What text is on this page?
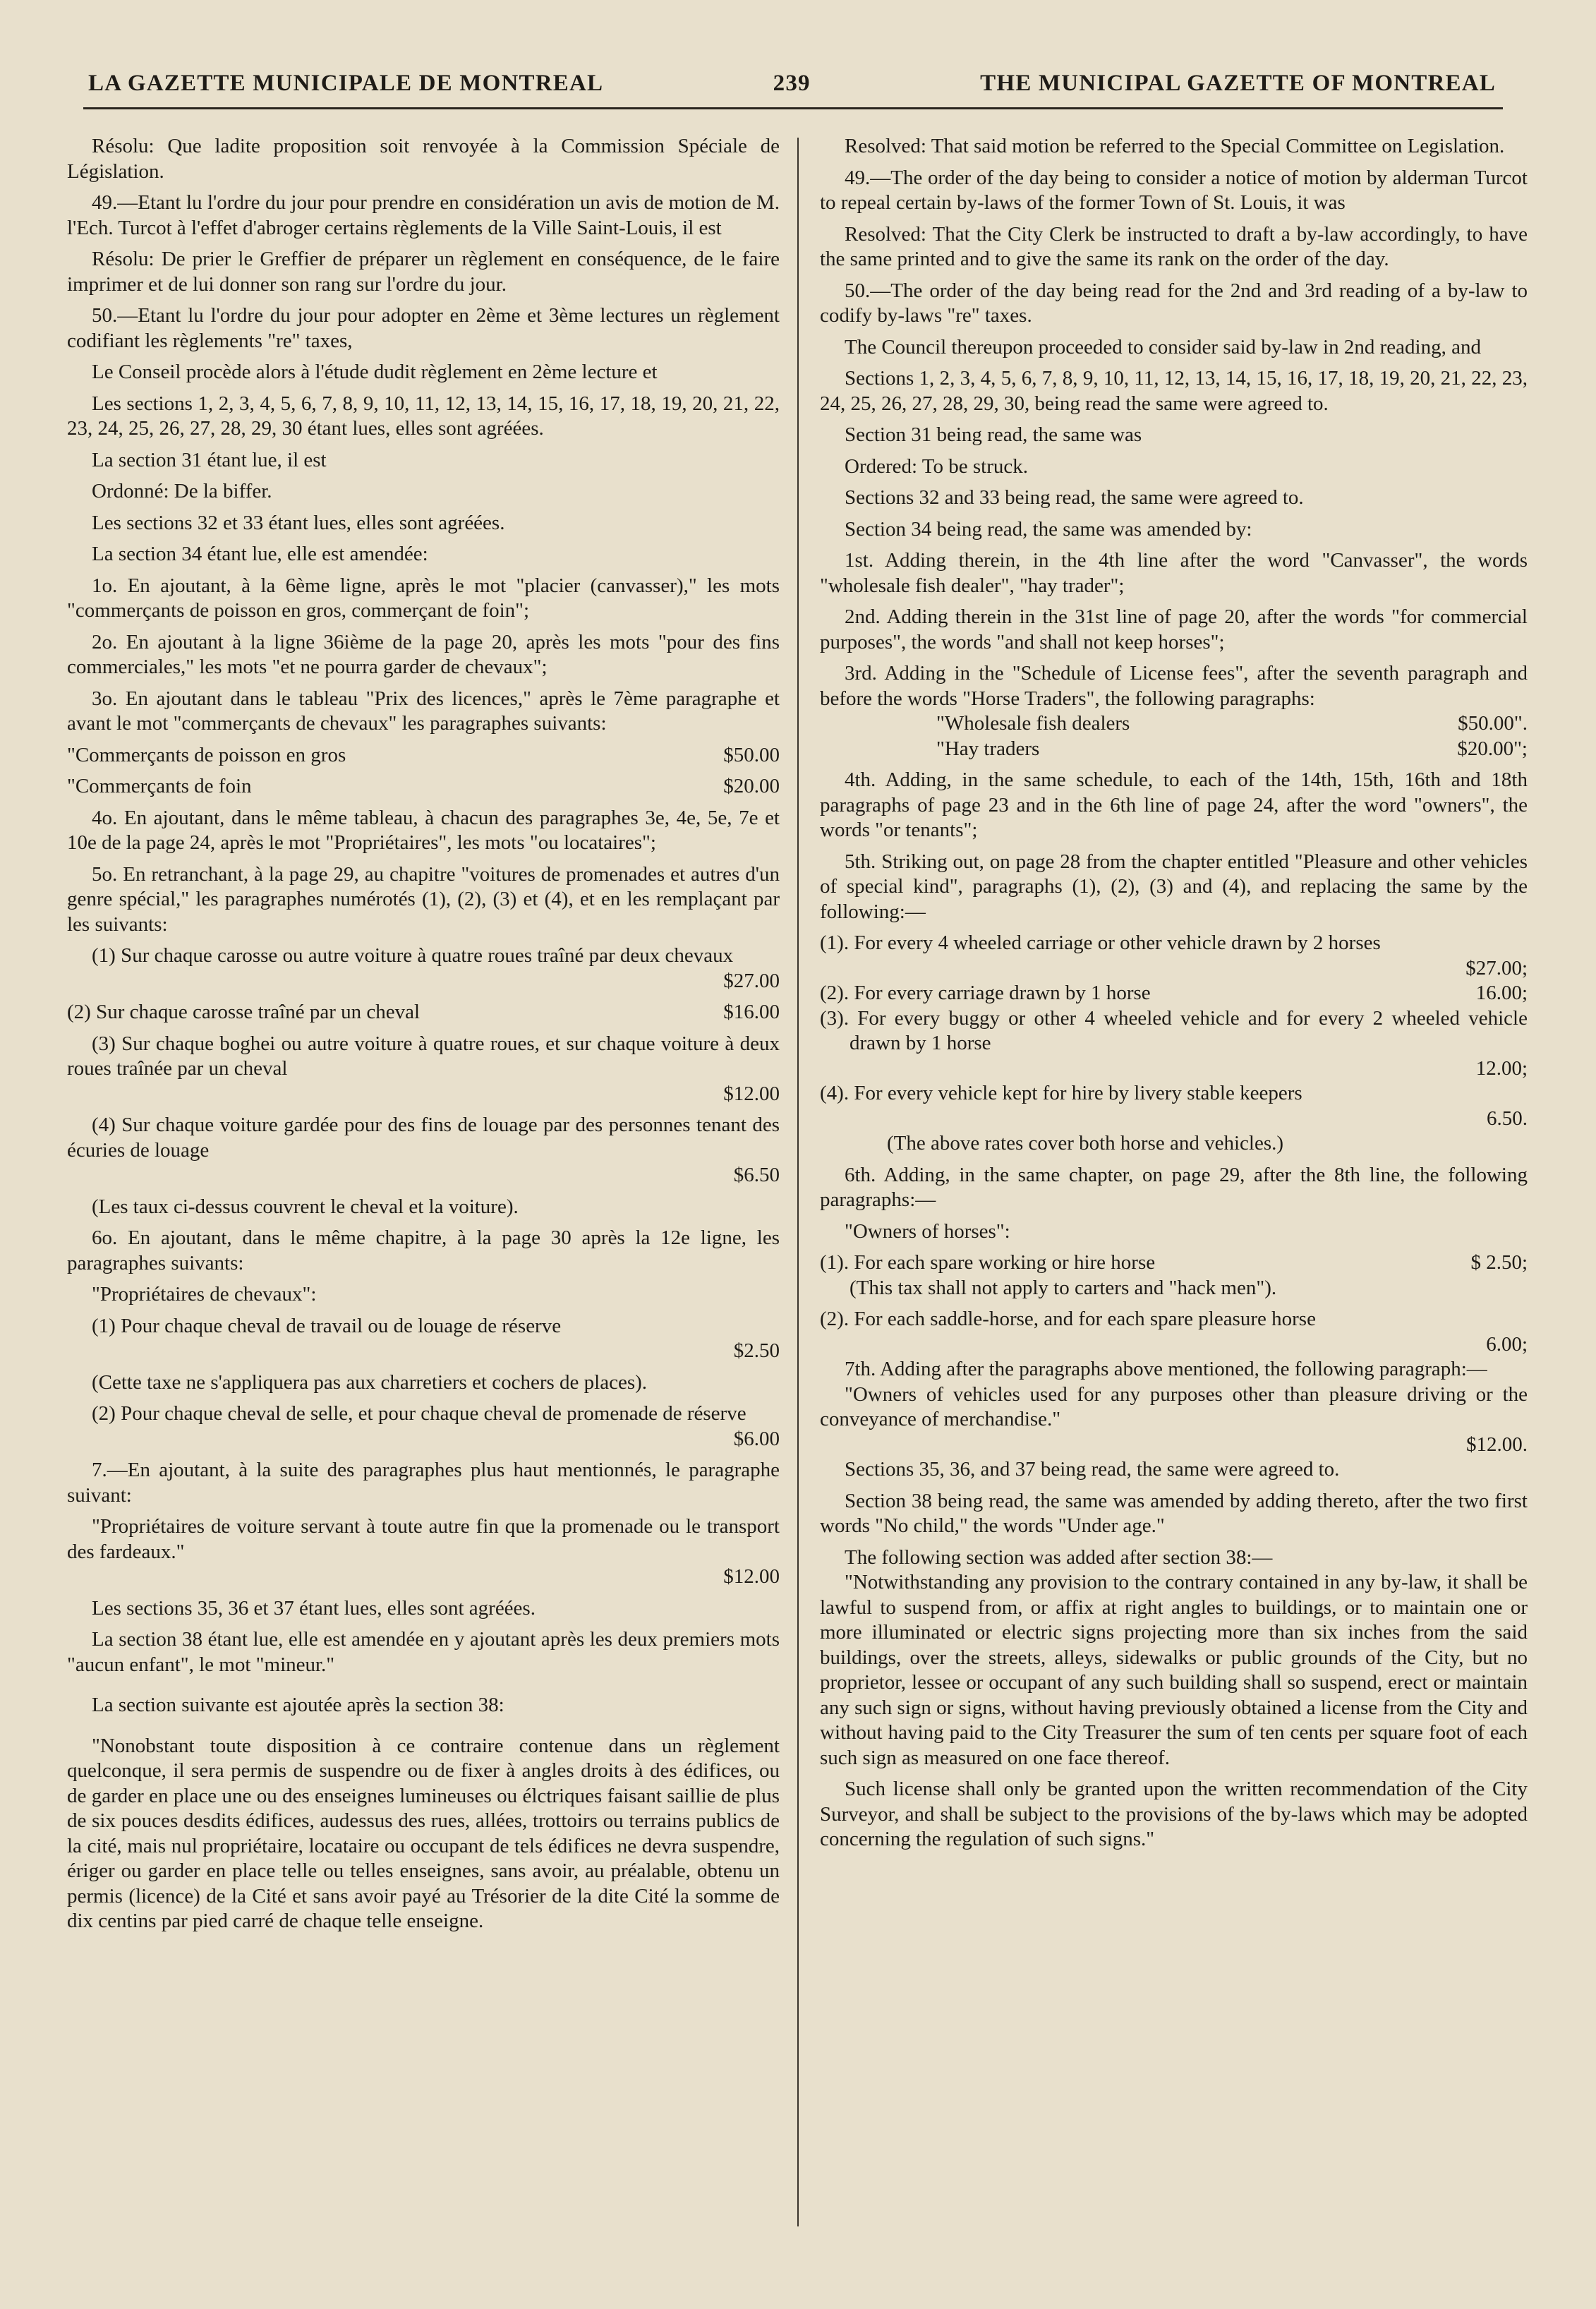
LA GAZETTE MUNICIPALE DE MONTREAL	239	THE MUNICIPAL GAZETTE OF MONTREAL

Résolu: Que ladite proposition soit renvoyée à la Commission Spéciale de Législation.

49.—Etant lu l'ordre du jour pour prendre en considération un avis de motion de M. l'Ech. Turcot à l'effet d'abroger certains règlements de la Ville Saint-Louis, il est

Résolu: De prier le Greffier de préparer un règlement en conséquence, de le faire imprimer et de lui donner son rang sur l'ordre du jour.

50.—Etant lu l'ordre du jour pour adopter en 2ème et 3ème lectures un règlement codifiant les règlements "re" taxes,

Le Conseil procède alors à l'étude dudit règlement en 2ème lecture et

Les sections 1, 2, 3, 4, 5, 6, 7, 8, 9, 10, 11, 12, 13, 14, 15, 16, 17, 18, 19, 20, 21, 22, 23, 24, 25, 26, 27, 28, 29, 30 étant lues, elles sont agréées.

La section 31 étant lue, il est

Ordonné: De la biffer.

Les sections 32 et 33 étant lues, elles sont agréées.

La section 34 étant lue, elle est amendée:

1o. En ajoutant, à la 6ème ligne, après le mot "placier (canvasser)," les mots "commerçants de poisson en gros, commerçant de foin";

2o. En ajoutant à la ligne 36ième de la page 20, après les mots "pour des fins commerciales," les mots "et ne pourra garder de chevaux";

3o. En ajoutant dans le tableau "Prix des licences," après le 7ème paragraphe et avant le mot "commerçants de chevaux" les paragraphes suivants:

"Commerçants de poisson en gros	$50.00
"Commerçants de foin	$20.00

4o. En ajoutant, dans le même tableau, à chacun des paragraphes 3e, 4e, 5e, 7e et 10e de la page 24, après le mot "Propriétaires", les mots "ou locataires";

5o. En retranchant, à la page 29, au chapitre "voitures de promenades et autres d'un genre spécial," les paragraphes numérotés (1), (2), (3) et (4), et en les remplaçant par les suivants:

(1) Sur chaque carosse ou autre voiture à quatre roues traîné par deux chevaux

$27.00
(2) Sur chaque carosse traîné par un cheval	$16.00

(3) Sur chaque boghei ou autre voiture à quatre roues, et sur chaque voiture à deux roues traînée par un cheval

$12.00

(4) Sur chaque voiture gardée pour des fins de louage par des personnes tenant des écuries de louage

$6.50

(Les taux ci-dessus couvrent le cheval et la voiture).

6o. En ajoutant, dans le même chapitre, à la page 30 après la 12e ligne, les paragraphes suivants:

"Propriétaires de chevaux":

(1) Pour chaque cheval de travail ou de louage de réserve

$2.50

(Cette taxe ne s'appliquera pas aux charretiers et cochers de places).

(2) Pour chaque cheval de selle, et pour chaque cheval de promenade de réserve

$6.00

7.—En ajoutant, à la suite des paragraphes plus haut mentionnés, le paragraphe suivant:

"Propriétaires de voiture servant à toute autre fin que la promenade ou le transport des fardeaux."

$12.00

Les sections 35, 36 et 37 étant lues, elles sont agréées.

La section 38 étant lue, elle est amendée en y ajoutant après les deux premiers mots "aucun enfant", le mot "mineur."

La section suivante est ajoutée après la section 38:

"Nonobstant toute disposition à ce contraire contenue dans un règlement quelconque, il sera permis de suspendre ou de fixer à angles droits à des édifices, ou de garder en place une ou des enseignes lumineuses ou élctriques faisant saillie de plus de six pouces desdits édifices, audessus des rues, allées, trottoirs ou terrains publics de la cité, mais nul propriétaire, locataire ou occupant de tels édifices ne devra suspendre, ériger ou garder en place telle ou telles enseignes, sans avoir, au préalable, obtenu un permis (licence) de la Cité et sans avoir payé au Trésorier de la dite Cité la somme de dix centins par pied carré de chaque telle enseigne.

Resolved: That said motion be referred to the Special Committee on Legislation.

49.—The order of the day being to consider a notice of motion by alderman Turcot to repeal certain by-laws of the former Town of St. Louis, it was

Resolved: That the City Clerk be instructed to draft a by-law accordingly, to have the same printed and to give the same its rank on the order of the day.

50.—The order of the day being read for the 2nd and 3rd reading of a by-law to codify by-laws "re" taxes.

The Council thereupon proceeded to consider said by-law in 2nd reading, and

Sections 1, 2, 3, 4, 5, 6, 7, 8, 9, 10, 11, 12, 13, 14, 15, 16, 17, 18, 19, 20, 21, 22, 23, 24, 25, 26, 27, 28, 29, 30, being read the same were agreed to.

Section 31 being read, the same was

Ordered: To be struck.

Sections 32 and 33 being read, the same were agreed to.

Section 34 being read, the same was amended by:

1st. Adding therein, in the 4th line after the word "Canvasser", the words "wholesale fish dealer", "hay trader";

2nd. Adding therein in the 31st line of page 20, after the words "for commercial purposes", the words "and shall not keep horses";

3rd. Adding in the "Schedule of License fees", after the seventh paragraph and before the words "Horse Traders", the following paragraphs:

"Wholesale fish dealers	$50.00".
"Hay traders	$20.00";

4th. Adding, in the same schedule, to each of the 14th, 15th, 16th and 18th paragraphs of page 23 and in the 6th line of page 24, after the word "owners", the words "or tenants";

5th. Striking out, on page 28 from the chapter entitled "Pleasure and other vehicles of special kind", paragraphs (1), (2), (3) and (4), and replacing the same by the following:—

(1). For every 4 wheeled carriage or other vehicle drawn by 2 horses

$27.00;
(2). For every carriage drawn by 1 horse	16.00;

(3). For every buggy or other 4 wheeled vehicle and for every 2 wheeled vehicle drawn by 1 horse

12.00;

(4). For every vehicle kept for hire by livery stable keepers

6.50.

(The above rates cover both horse and vehicles.)

6th. Adding, in the same chapter, on page 29, after the 8th line, the following paragraphs:—

"Owners of horses":

(1). For each spare working or hire horse	$ 2.50;

(This tax shall not apply to carters and "hack men").

(2). For each saddle-horse, and for each spare pleasure horse

6.00;

7th. Adding after the paragraphs above mentioned, the following paragraph:—

"Owners of vehicles used for any purposes other than pleasure driving or the conveyance of merchandise."

$12.00.

Sections 35, 36, and 37 being read, the same were agreed to.

Section 38 being read, the same was amended by adding thereto, after the two first words "No child," the words "Under age."

The following section was added after section 38:—

"Notwithstanding any provision to the contrary contained in any by-law, it shall be lawful to suspend from, or affix at right angles to buildings, or to maintain one or more illuminated or electric signs projecting more than six inches from the said buildings, over the streets, alleys, sidewalks or public grounds of the City, but no proprietor, lessee or occupant of any such building shall so suspend, erect or maintain any such sign or signs, without having previously obtained a license from the City and without having paid to the City Treasurer the sum of ten cents per square foot of each such sign as measured on one face thereof.

Such license shall only be granted upon the written recommendation of the City Surveyor, and shall be subject to the provisions of the by-laws which may be adopted concerning the regulation of such signs."
